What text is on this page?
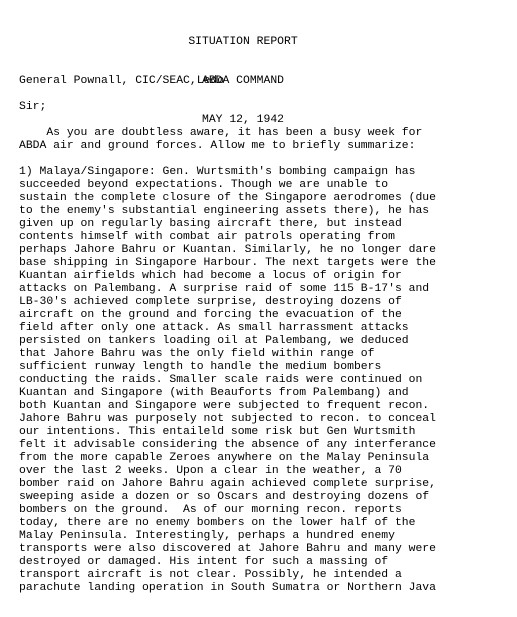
SITUATION REPORT

ABDA COMMAND

MAY 12, 1942

General Pownall, CIC/SEAC,Ledo
Sir;
As you are doubtless aware, it has been a busy week for
ABDA air and ground forces. Allow me to briefly summarize:
1) Malaya/Singapore: Gen. Wurtsmith's bombing campaign has
succeeded beyond expectations. Though we are unable to
sustain the complete closure of the Singapore aerodromes (due
to the enemy's substantial engineering assets there), he has
given up on regularly basing aircraft there, but instead
contents himself with combat air patrols operating from
perhaps Jahore Bahru or Kuantan. Similarly, he no longer dare
base shipping in Singapore Harbour. The next targets were the
Kuantan airfields which had become a locus of origin for
attacks on Palembang. A surprise raid of some 115 B-17's and
LB-30's achieved complete surprise, destroying dozens of
aircraft on the ground and forcing the evacuation of the
field after only one attack. As small harrassment attacks
persisted on tankers loading oil at Palembang, we deduced
that Jahore Bahru was the only field within range of
sufficient runway length to handle the medium bombers
conducting the raids. Smaller scale raids were continued on
Kuantan and Singapore (with Beauforts from Palembang) and
both Kuantan and Singapore were subjected to frequent recon.
Jahore Bahru was purposely not subjected to recon. to conceal
our intentions. This entaileld some risk but Gen Wurtsmith
felt it advisable considering the absence of any interferance
from the more capable Zeroes anywhere on the Malay Peninsula
over the last 2 weeks. Upon a clear in the weather, a 70
bomber raid on Jahore Bahru again achieved complete surprise,
sweeping aside a dozen or so Oscars and destroying dozens of
bombers on the ground.  As of our morning recon. reports
today, there are no enemy bombers on the lower half of the
Malay Peninsula. Interestingly, perhaps a hundred enemy
transports were also discovered at Jahore Bahru and many were
destroyed or damaged. His intent for such a massing of
transport aircraft is not clear. Possibly, he intended a
parachute landing operation in South Sumatra or Northern Java
